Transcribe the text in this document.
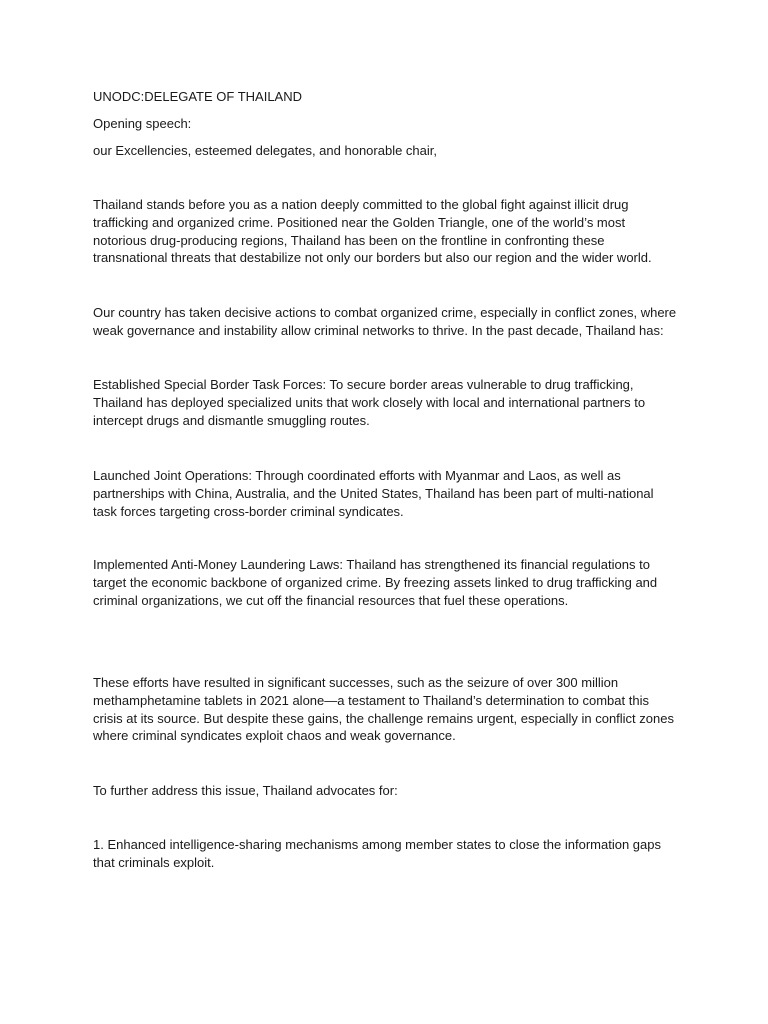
UNODC:DELEGATE OF THAILAND

Opening speech:

our Excellencies, esteemed delegates, and honorable chair,

Thailand stands before you as a nation deeply committed to the global fight against illicit drug trafficking and organized crime. Positioned near the Golden Triangle, one of the world’s most notorious drug-producing regions, Thailand has been on the frontline in confronting these transnational threats that destabilize not only our borders but also our region and the wider world.

Our country has taken decisive actions to combat organized crime, especially in conflict zones, where weak governance and instability allow criminal networks to thrive. In the past decade, Thailand has:

Established Special Border Task Forces: To secure border areas vulnerable to drug trafficking, Thailand has deployed specialized units that work closely with local and international partners to intercept drugs and dismantle smuggling routes.

Launched Joint Operations: Through coordinated efforts with Myanmar and Laos, as well as partnerships with China, Australia, and the United States, Thailand has been part of multi-national task forces targeting cross-border criminal syndicates.

Implemented Anti-Money Laundering Laws: Thailand has strengthened its financial regulations to target the economic backbone of organized crime. By freezing assets linked to drug trafficking and criminal organizations, we cut off the financial resources that fuel these operations.

These efforts have resulted in significant successes, such as the seizure of over 300 million methamphetamine tablets in 2021 alone—a testament to Thailand’s determination to combat this crisis at its source. But despite these gains, the challenge remains urgent, especially in conflict zones where criminal syndicates exploit chaos and weak governance.

To further address this issue, Thailand advocates for:

1. Enhanced intelligence-sharing mechanisms among member states to close the information gaps that criminals exploit.
